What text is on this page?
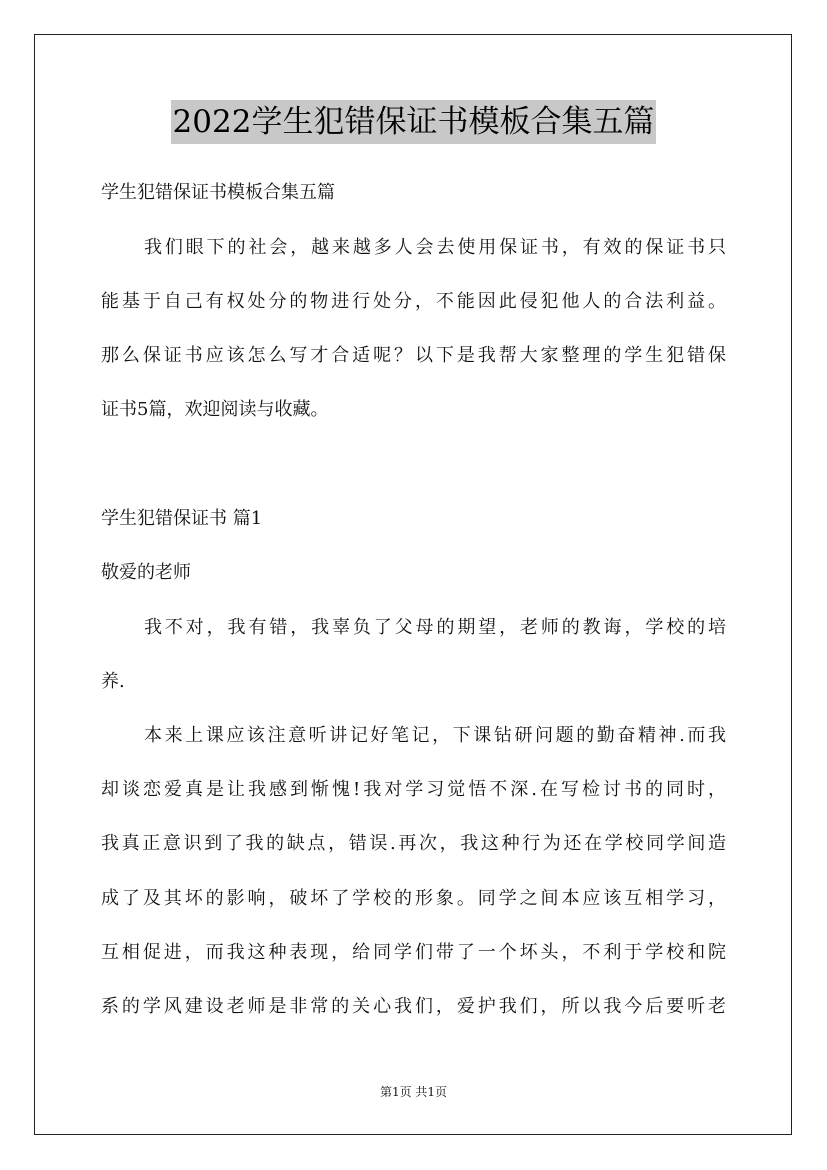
2022学生犯错保证书模板合集五篇
学生犯错保证书模板合集五篇
我们眼下的社会，越来越多人会去使用保证书，有效的保证书只
能基于自己有权处分的物进行处分，不能因此侵犯他人的合法利益。
那么保证书应该怎么写才合适呢？以下是我帮大家整理的学生犯错保
证书5篇，欢迎阅读与收藏。
学生犯错保证书 篇1
敬爱的老师
我不对，我有错，我辜负了父母的期望，老师的教诲，学校的培
养.
本来上课应该注意听讲记好笔记，下课钻研问题的勤奋精神.而我
却谈恋爱真是让我感到惭愧!我对学习觉悟不深.在写检讨书的同时，
我真正意识到了我的缺点，错误.再次，我这种行为还在学校同学间造
成了及其坏的影响，破坏了学校的形象。同学之间本应该互相学习，
互相促进，而我这种表现，给同学们带了一个坏头，不利于学校和院
系的学风建设老师是非常的关心我们，爱护我们，所以我今后要听老
第1页 共1页
